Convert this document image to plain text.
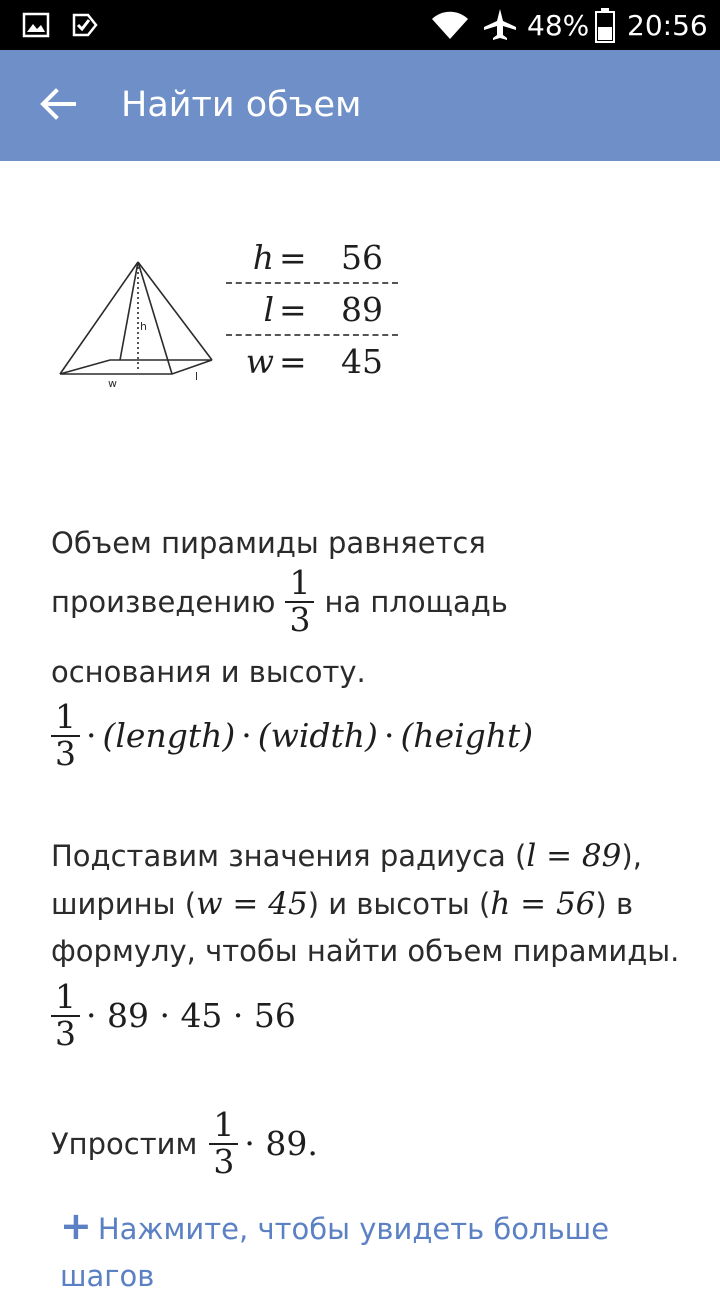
48% 20:56
Найти объем
h
w
l
h = 56
l = 89
w = 45
Объем пирамиды равняется
произведению $\frac{1}{3}$ на площадь
основания и высоту.
$\frac{1}{3}$ · (length) · (width) · (height)
Подставим значения радиуса (l = 89),
ширины (w = 45) и высоты (h = 56) в
формулу, чтобы найти объем пирамиды.
$\frac{1}{3} \cdot 89 \cdot 45 \cdot 56$
Упростим $\frac{1}{3} \cdot 89$.
+ Нажмите, чтобы увидеть больше шагов
